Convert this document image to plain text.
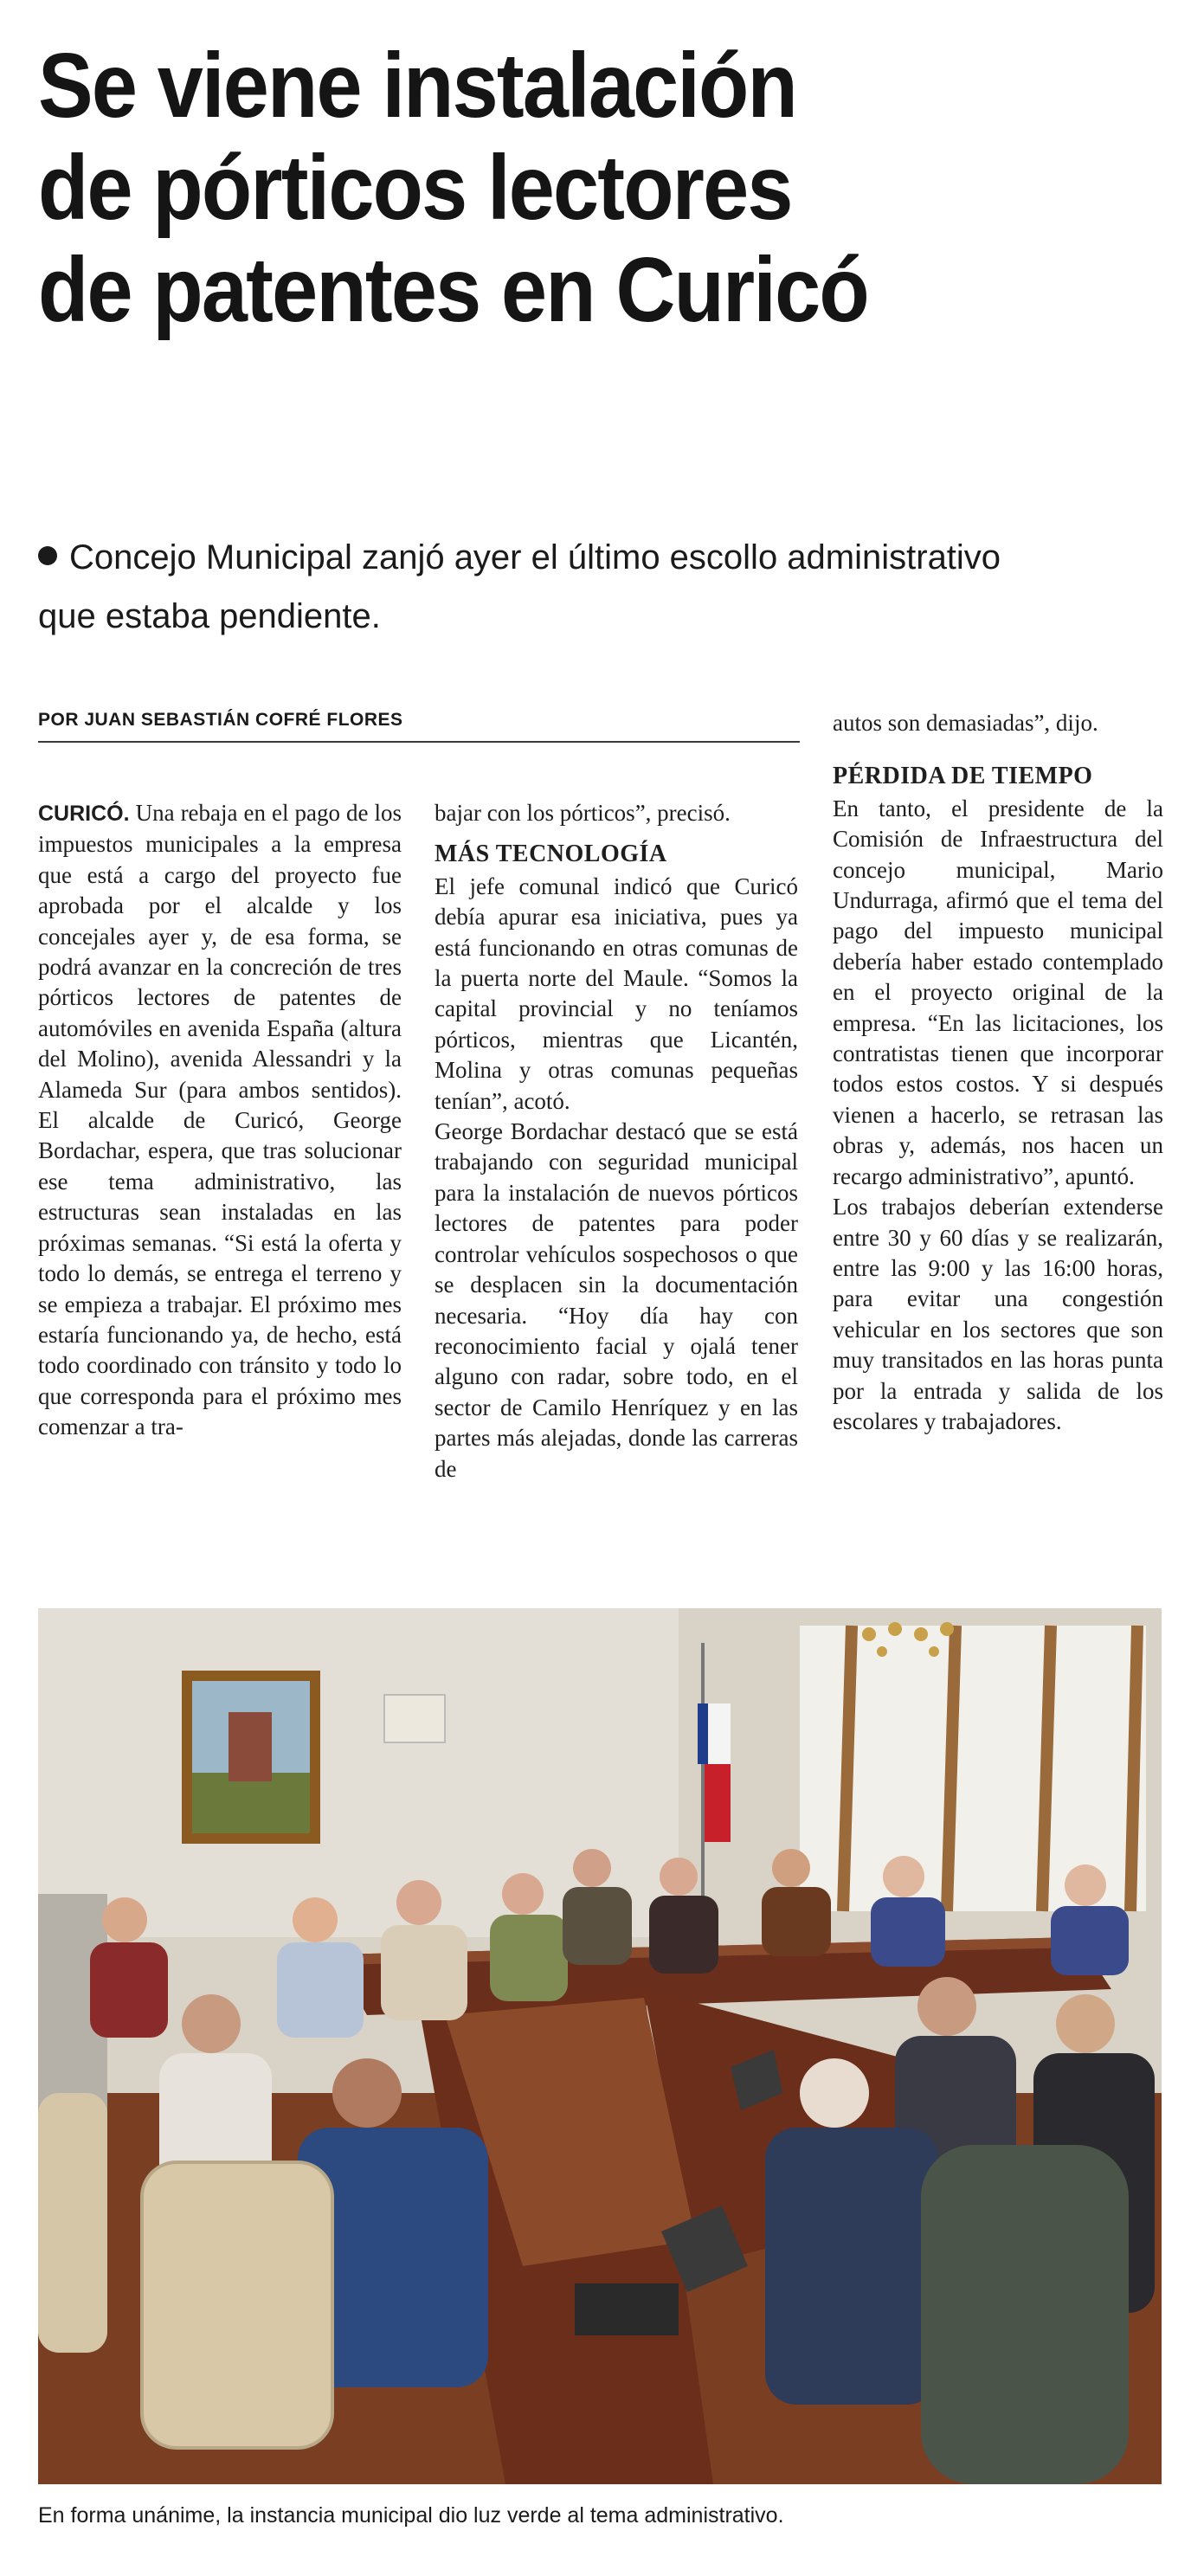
Se viene instalación
de pórticos lectores
de patentes en Curicó
Concejo Municipal zanjó ayer el último escollo administrativo
que estaba pendiente.
POR JUAN SEBASTIÁN COFRÉ FLORES

CURICÓ. Una rebaja en el pago de los impuestos municipales a la empresa que está a cargo del proyecto fue aprobada por el alcalde y los concejales ayer y, de esa forma, se podrá avanzar en la concreción de tres pórticos lectores de patentes de automóviles en avenida España (altura del Molino), avenida Alessandri y la Alameda Sur (para ambos sentidos). El alcalde de Curicó, George Bordachar, espera, que tras solucionar ese tema administrativo, las estructuras sean instaladas en las próximas semanas. “Si está la oferta y todo lo demás, se entrega el terreno y se empieza a trabajar. El próximo mes estaría funcionando ya, de hecho, está todo coordinado con tránsito y todo lo que corresponda para el próximo mes comenzar a tra-

bajar con los pórticos”, precisó.

MÁS TECNOLOGÍA

El jefe comunal indicó que Curicó debía apurar esa iniciativa, pues ya está funcionando en otras comunas de la puerta norte del Maule. “Somos la capital provincial y no teníamos pórticos, mientras que Licantén, Molina y otras comunas pequeñas tenían”, acotó.

George Bordachar destacó que se está trabajando con seguridad municipal para la instalación de nuevos pórticos lectores de patentes para poder controlar vehículos sospechosos o que se desplacen sin la documentación necesaria. “Hoy día hay con reconocimiento facial y ojalá tener alguno con radar, sobre todo, en el sector de Camilo Henríquez y en las partes más alejadas, donde las carreras de

autos son demasiadas”, dijo.

PÉRDIDA DE TIEMPO

En tanto, el presidente de la Comisión de Infraestructura del concejo municipal, Mario Undurraga, afirmó que el tema del pago del impuesto municipal debería haber estado contemplado en el proyecto original de la empresa. “En las licitaciones, los contratistas tienen que incorporar todos estos costos. Y si después vienen a hacerlo, se retrasan las obras y, además, nos hacen un recargo administrativo”, apuntó.

Los trabajos deberían extenderse entre 30 y 60 días y se realizarán, entre las 9:00 y las 16:00 horas, para evitar una congestión vehicular en los sectores que son muy transitados en las horas punta por la entrada y salida de los escolares y trabajadores.

En forma unánime, la instancia municipal dio luz verde al tema administrativo.
